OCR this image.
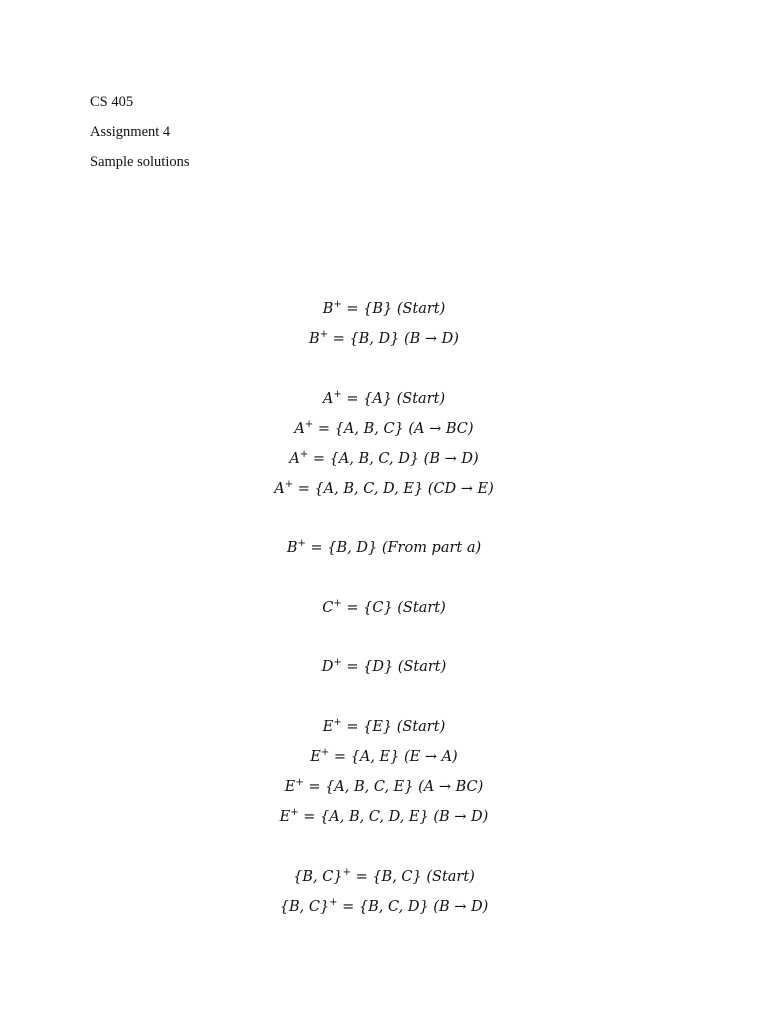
CS 405
Assignment 4
Sample solutions
B+ = {B} (Start)
B+ = {B, D} (B → D)
A+ = {A} (Start)
A+ = {A, B, C} (A → BC)
A+ = {A, B, C, D} (B → D)
A+ = {A, B, C, D, E} (CD → E)
B+ = {B, D} (From part a)
C+ = {C} (Start)
D+ = {D} (Start)
E+ = {E} (Start)
E+ = {A, E} (E → A)
E+ = {A, B, C, E} (A → BC)
E+ = {A, B, C, D, E} (B → D)
{B, C}+ = {B, C} (Start)
{B, C}+ = {B, C, D} (B → D)
